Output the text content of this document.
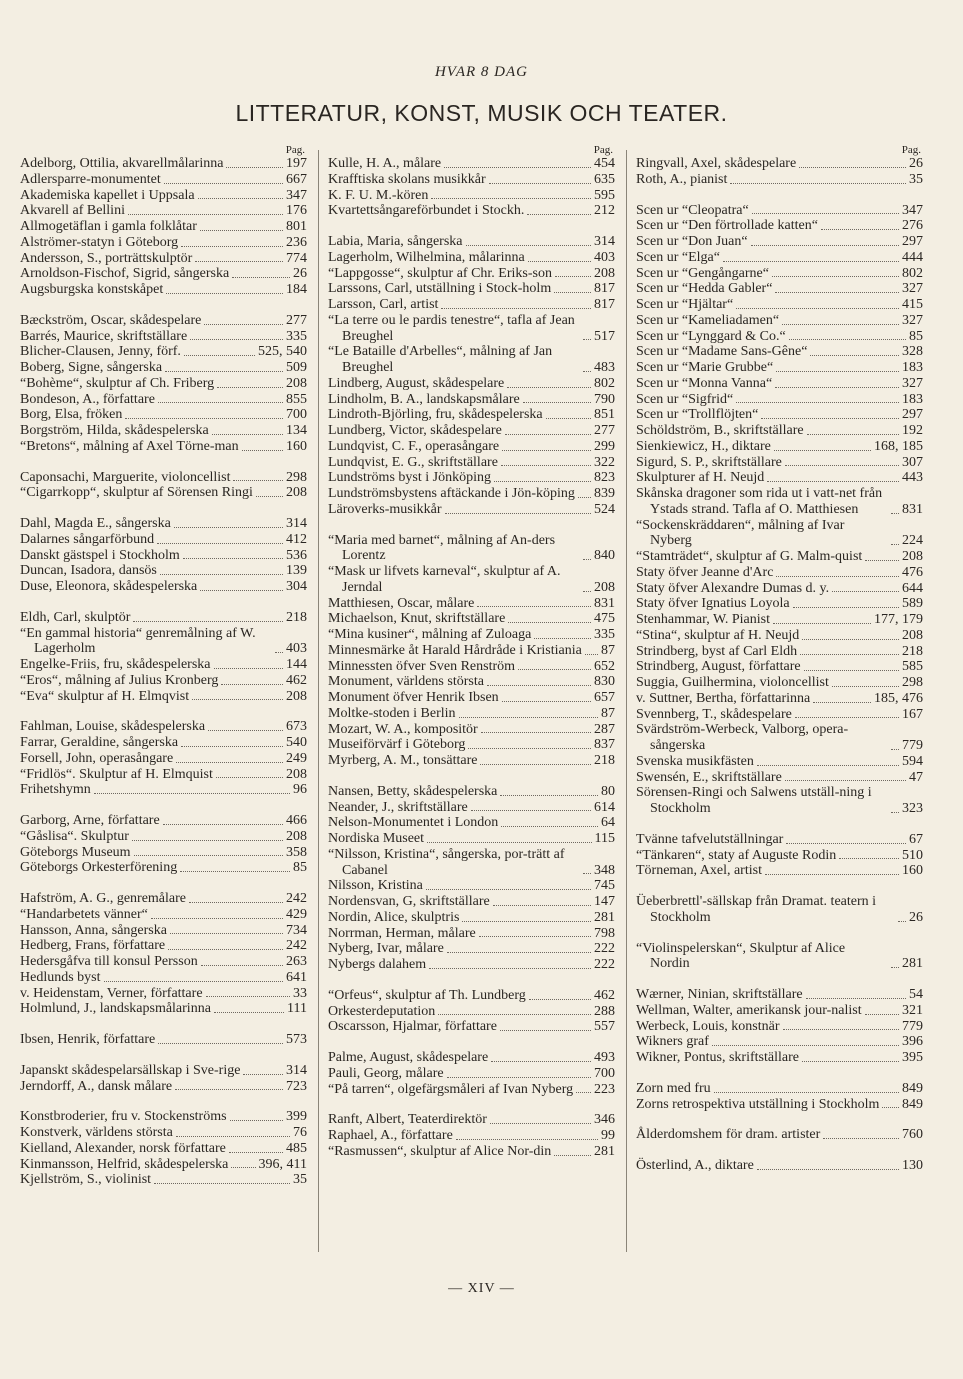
HVAR 8 DAG
LITTERATUR, KONST, MUSIK OCH TEATER.
Pag.
Adelborg, Ottilia, akvarellmålarinna	197
Adlersparre-monumentet	667
Akademiska kapellet i Uppsala	347
Akvarell af Bellini	176
Allmogetäflan i gamla folklåtar	801
Alströmer-statyn i Göteborg	236
Andersson, S., porträttskulptör	774
Arnoldson-Fischof, Sigrid, sångerska	26
Augsburgska konstskåpet	184
Bæckström, Oscar, skådespelare	277
Barrés, Maurice, skriftställare	335
Blicher-Clausen, Jenny, förf.	525, 540
Boberg, Signe, sångerska	509
“Bohème“, skulptur af Ch. Friberg	208
Bondeson, A., författare	855
Borg, Elsa, fröken	700
Borgström, Hilda, skådespelerska	134
“Bretons“, målning af Axel Törne-man	160
Caponsachi, Marguerite, violoncellist	298
“Cigarrkopp“, skulptur af Sörensen Ringi 208
Dahl, Magda E., sångerska	314
Dalarnes sångarförbund	412
Danskt gästspel i Stockholm	536
Duncan, Isadora, dansös	139
Duse, Eleonora, skådespelerska	304
Eldh, Carl, skulptör	218
“En gammal historia“ genremålning af W. Lagerholm	403
Engelke-Friis, fru, skådespelerska	144
“Eros“, målning af Julius Kronberg	462
“Eva“ skulptur af H. Elmqvist	208
Fahlman, Louise, skådespelerska	673
Farrar, Geraldine, sångerska	540
Forsell, John, operasångare	249
“Fridlös“. Skulptur af H. Elmquist	208
Frihetshymn	96
Garborg, Arne, författare	466
“Gåslisa“. Skulptur	208
Göteborgs Museum	358
Göteborgs Orkesterförening	85
Hafström, A. G., genremålare	242
“Handarbetets vänner“	429
Hansson, Anna, sångerska	734
Hedberg, Frans, författare	242
Hedersgåfva till konsul Persson	263
Hedlunds byst	641
v. Heidenstam, Verner, författare	33
Holmlund, J., landskapsmålarinna	111
Ibsen, Henrik, författare	573
Japanskt skådespelarsällskap i Sve-rige	314
Jerndorff, A., dansk målare	723
Konstbroderier, fru v. Stockenströms	399
Konstverk, världens största	76
Kielland, Alexander, norsk författare	485
Kinmansson, Helfrid, skådespelerska 396, 411
Kjellström, S., violinist	35
Pag.
Kulle, H. A., målare	454
Krafftiska skolans musikkår	635
K. F. U. M.-kören	595
Kvartettsångareförbundet i Stockh.	212
Labia, Maria, sångerska	314
Lagerholm, Wilhelmina, målarinna	403
“Lappgosse“, skulptur af Chr. Eriks-son	208
Larssons, Carl, utställning i Stock-holm	817
Larsson, Carl, artist	817
“La terre ou le pardis tenestre“, tafla af Jean Breughel	517
“Le Bataille d'Arbelles“, målning af Jan Breughel	483
Lindberg, August, skådespelare	802
Lindholm, B. A., landskapsmålare	790
Lindroth-Björling, fru, skådespelerska	851
Lundberg, Victor, skådespelare	277
Lundqvist, C. F., operasångare	299
Lundqvist, E. G., skriftställare	322
Lundströms byst i Jönköping	823
Lundströmsbystens aftäckande i Jön-köping 839
Läroverks-musikkår	524
“Maria med barnet“, målning af An-ders Lorentz	840
“Mask ur lifvets karneval“, skulptur af A. Jerndal	208
Matthiesen, Oscar, målare	831
Michaelson, Knut, skriftställare	475
“Mina kusiner“, målning af Zuloaga	335
Minnesmärke åt Harald Hårdråde i Kristiania 87
Minnessten öfver Sven Renström	652
Monument, världens största	830
Monument öfver Henrik Ibsen	657
Moltke-stoden i Berlin	87
Mozart, W. A., kompositör	287
Museiförvärf i Göteborg	837
Myrberg, A. M., tonsättare	218
Nansen, Betty, skådespelerska	80
Neander, J., skriftställare	614
Nelson-Monumentet i London	64
Nordiska Museet	115
“Nilsson, Kristina“, sångerska, por-trätt af Cabanel	348
Nilsson, Kristina	745
Nordensvan, G, skriftställare	147
Nordin, Alice, skulptris	281
Norrman, Herman, målare	798
Nyberg, Ivar, målare	222
Nybergs dalahem	222
“Orfeus“, skulptur af Th. Lundberg	462
Orkesterdeputation	288
Oscarsson, Hjalmar, författare	557
Palme, August, skådespelare	493
Pauli, Georg, målare	700
“På tarren“, olgefärgsmåleri af Ivan Nyberg 223
Ranft, Albert, Teaterdirektör	346
Raphael, A., författare	99
“Rasmussen“, skulptur af Alice Nor-din	281
Pag.
Ringvall, Axel, skådespelare	26
Roth, A., pianist	35
Scen ur “Cleopatra“	347
Scen ur “Den förtrollade katten“	276
Scen ur “Don Juan“	297
Scen ur “Elga“	444
Scen ur “Gengångarne“	802
Scen ur “Hedda Gabler“	327
Scen ur “Hjältar“	415
Scen ur “Kameliadamen“	327
Scen ur “Lynggard & Co.“	85
Scen ur “Madame Sans-Gêne“	328
Scen ur “Marie Grubbe“	183
Scen ur “Monna Vanna“	327
Scen ur “Sigfrid“	183
Scen ur “Trollflöjten“	297
Schöldström, B., skriftställare	192
Sienkiewicz, H., diktare	168, 185
Sigurd, S. P., skriftställare	307
Skulpturer af H. Neujd	443
Skånska dragoner som rida ut i vatt-net från Ystads strand. Tafla af O. Matthiesen	831
“Sockenskräddaren“, målning af Ivar Nyberg	224
“Stamträdet“, skulptur af G. Malm-quist	208
Staty öfver Jeanne d'Arc	476
Staty öfver Alexandre Dumas d. y.	644
Staty öfver Ignatius Loyola	589
Stenhammar, W. Pianist	177, 179
“Stina“, skulptur af H. Neujd	208
Strindberg, byst af Carl Eldh	218
Strindberg, August, författare	585
Suggia, Guilhermina, violoncellist	298
v. Suttner, Bertha, författarinna	185, 476
Svennberg, T., skådespelare	167
Svärdström-Werbeck, Valborg, opera-sångerska	779
Svenska musikfästen	594
Swensén, E., skriftställare	47
Sörensen-Ringi och Salwens utställ-ning i Stockholm	323
Tvänne tafvelutställningar	67
“Tänkaren“, staty af Auguste Rodin	510
Törneman, Axel, artist	160
Üeberbrettl'-sällskap från Dramat. teatern i Stockholm	26
“Violinspelerskan“, Skulptur af Alice Nordin	281
Wærner, Ninian, skriftställare	54
Wellman, Walter, amerikansk jour-nalist	321
Werbeck, Louis, konstnär	779
Wikners graf	396
Wikner, Pontus, skriftställare	395
Zorn med fru	849
Zorns retrospektiva utställning i Stockholm 849
Ålderdomshem för dram. artister	760
Österlind, A., diktare	130
— XIV —
